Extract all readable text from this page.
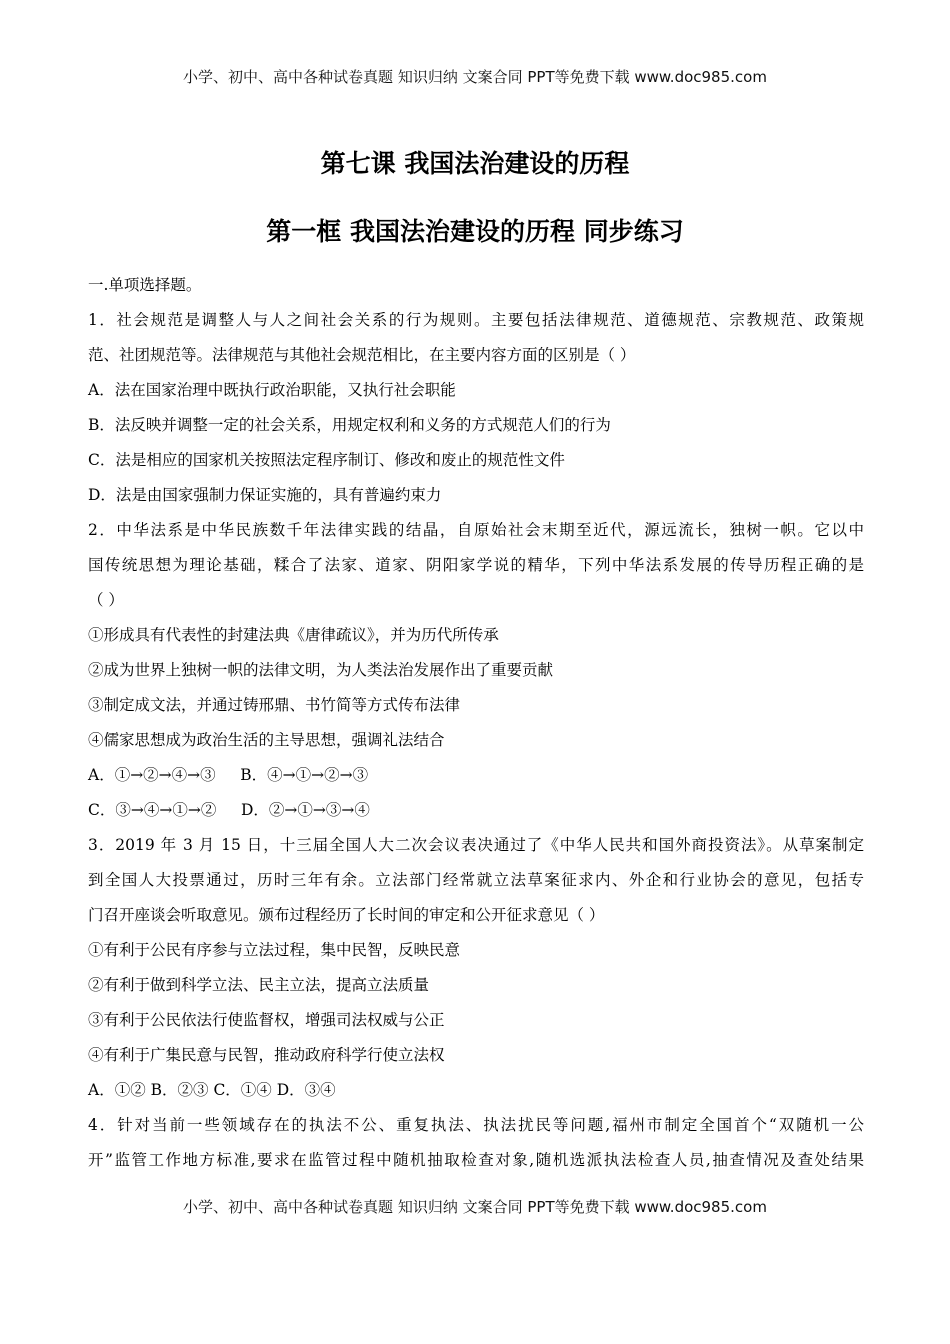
小学、初中、高中各种试卷真题 知识归纳 文案合同 PPT等免费下载 www.doc985.com
第七课 我国法治建设的历程
第一框 我国法治建设的历程 同步练习
一.单项选择题。
1．社会规范是调整人与人之间社会关系的行为规则。主要包括法律规范、道德规范、宗教规范、政策规
范、社团规范等。法律规范与其他社会规范相比，在主要内容方面的区别是（ ）
A．法在国家治理中既执行政治职能，又执行社会职能
B．法反映并调整一定的社会关系，用规定权利和义务的方式规范人们的行为
C．法是相应的国家机关按照法定程序制订、修改和废止的规范性文件
D．法是由国家强制力保证实施的，具有普遍约束力
2．中华法系是中华民族数千年法律实践的结晶，自原始社会末期至近代，源远流长，独树一帜。它以中
国传统思想为理论基础，糅合了法家、道家、阴阳家学说的精华，下列中华法系发展的传导历程正确的是
（ ）
①形成具有代表性的封建法典《唐律疏议》，并为历代所传承
②成为世界上独树一帜的法律文明，为人类法治发展作出了重要贡献
③制定成文法，并通过铸邢鼎、书竹简等方式传布法律
④儒家思想成为政治生活的主导思想，强调礼法结合
A．①→②→④→③ B．④→①→②→③
C．③→④→①→② D．②→①→③→④
3．2019 年 3 月 15 日，十三届全国人大二次会议表决通过了《中华人民共和国外商投资法》。从草案制定
到全国人大投票通过，历时三年有余。立法部门经常就立法草案征求内、外企和行业协会的意见，包括专
门召开座谈会听取意见。颁布过程经历了长时间的审定和公开征求意见（ ）
①有利于公民有序参与立法过程，集中民智，反映民意
②有利于做到科学立法、民主立法，提高立法质量
③有利于公民依法行使监督权，增强司法权威与公正
④有利于广集民意与民智，推动政府科学行使立法权
A．①② B．②③ C．①④ D．③④
4．针对当前一些领域存在的执法不公、重复执法、执法扰民等问题,福州市制定全国首个“双随机一公
开”监管工作地方标准,要求在监管过程中随机抽取检查对象,随机选派执法检查人员,抽查情况及查处结果
小学、初中、高中各种试卷真题 知识归纳 文案合同 PPT等免费下载 www.doc985.com
